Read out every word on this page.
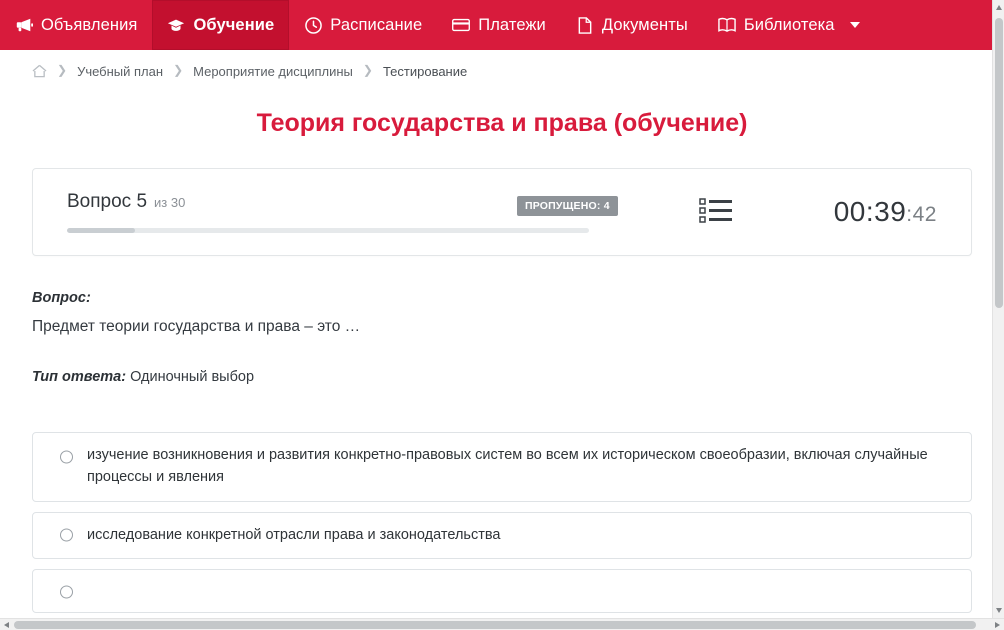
Объявления	Обучение	Расписание	Платежи	Документы	Библиотека
❯ Учебный план ❯ Мероприятие дисциплины ❯ Тестирование
Теория государства и права (обучение)
Вопрос 5 из 30	ПРОПУЩЕНО: 4	00:39:42
Вопрос:
Предмет теории государства и права – это …
Тип ответа: Одиночный выбор
изучение возникновения и развития конкретно-правовых систем во всем их историческом своеобразии, включая случайные процессы и явления
исследование конкретной отрасли права и законодательства
